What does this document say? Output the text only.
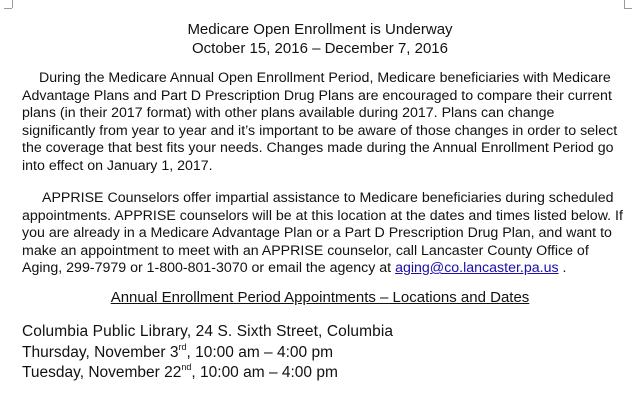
Medicare Open Enrollment is Underway
October 15, 2016 – December 7, 2016

During the Medicare Annual Open Enrollment Period, Medicare beneficiaries with Medicare Advantage Plans and Part D Prescription Drug Plans are encouraged to compare their current plans (in their 2017 format) with other plans available during 2017. Plans can change significantly from year to year and it’s important to be aware of those changes in order to select the coverage that best fits your needs. Changes made during the Annual Enrollment Period go into effect on January 1, 2017.

APPRISE Counselors offer impartial assistance to Medicare beneficiaries during scheduled appointments. APPRISE counselors will be at this location at the dates and times listed below. If you are already in a Medicare Advantage Plan or a Part D Prescription Drug Plan, and want to make an appointment to meet with an APPRISE counselor, call Lancaster County Office of Aging, 299-7979 or 1-800-801-3070 or email the agency at aging@co.lancaster.pa.us .

Annual Enrollment Period Appointments – Locations and Dates
Columbia Public Library, 24 S. Sixth Street, Columbia
Thursday, November 3rd, 10:00 am – 4:00 pm
Tuesday, November 22nd, 10:00 am – 4:00 pm
